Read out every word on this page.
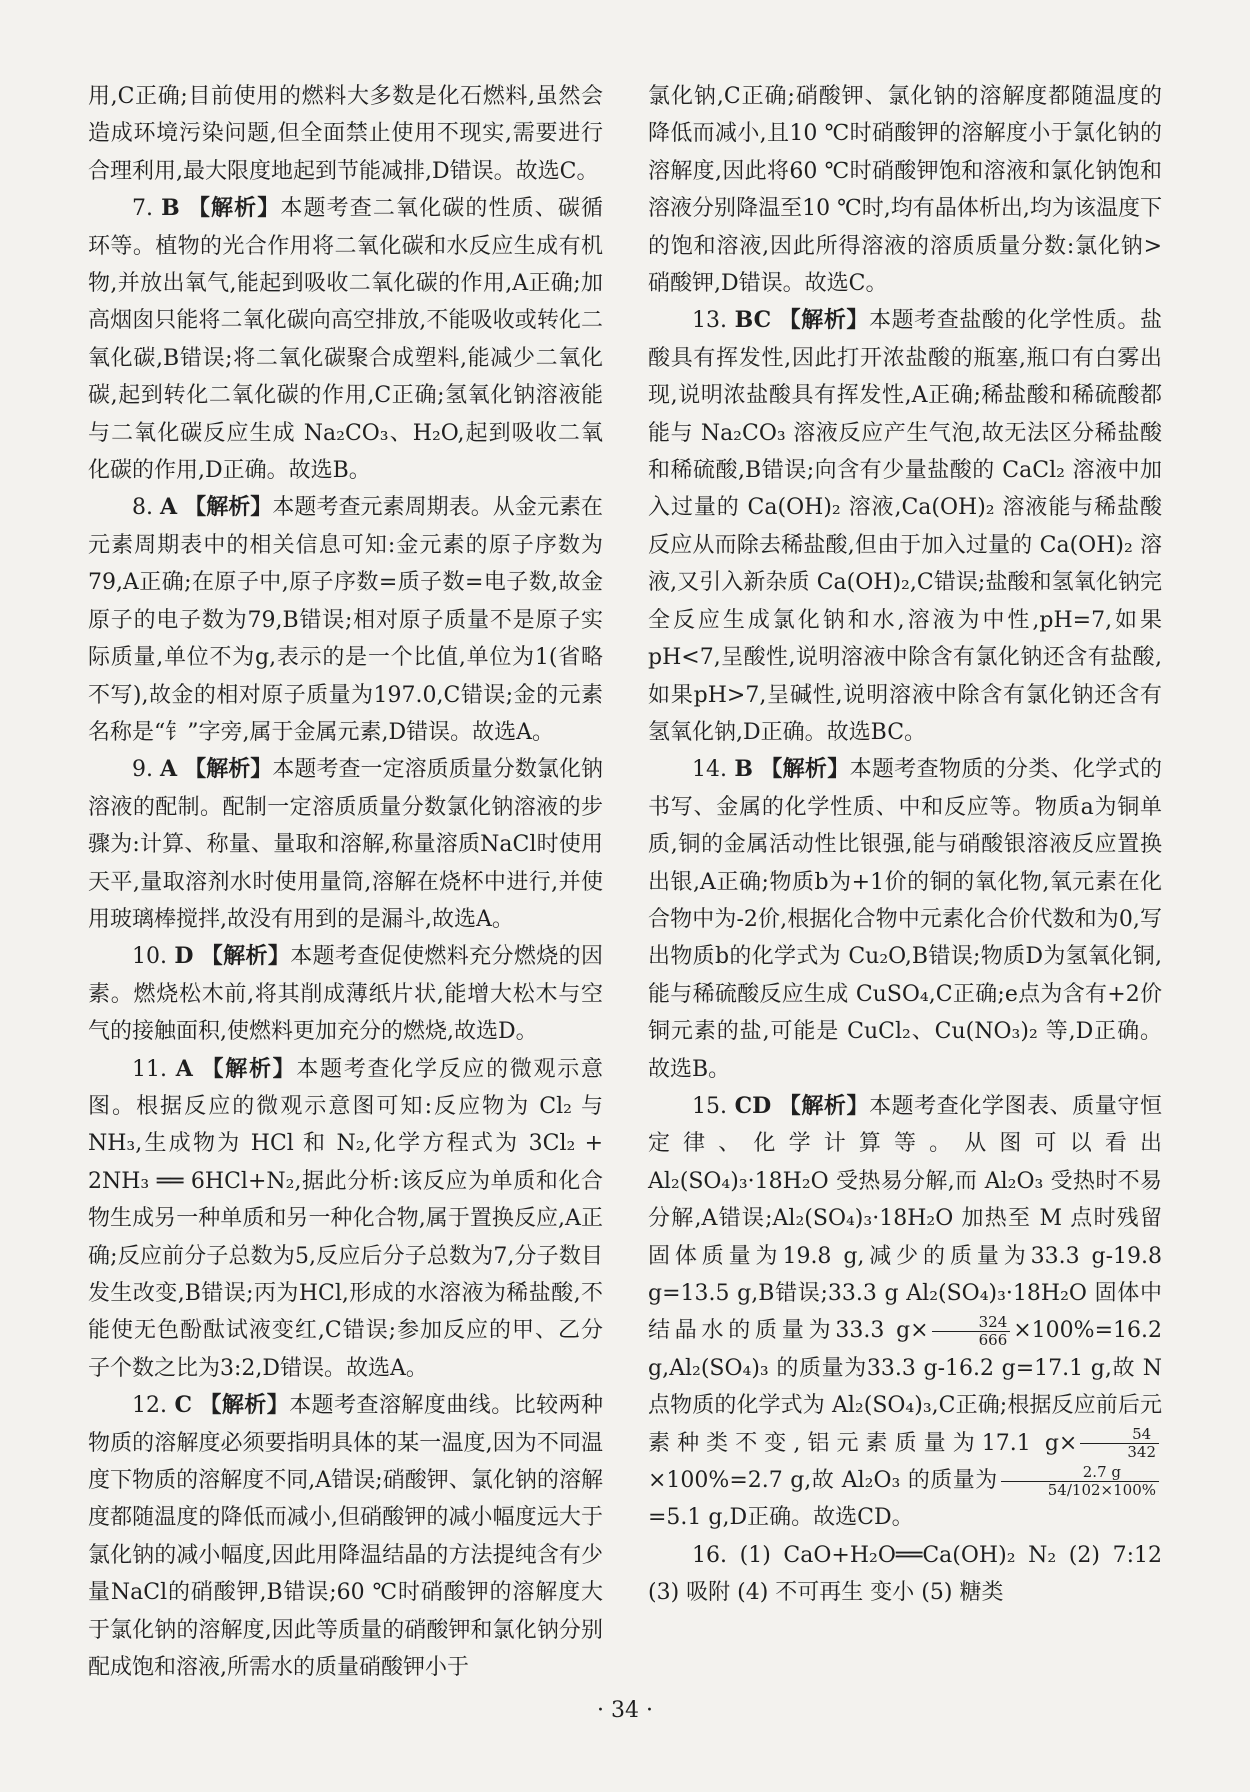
用,C正确;目前使用的燃料大多数是化石燃料,虽然会造成环境污染问题,但全面禁止使用不现实,需要进行合理利用,最大限度地起到节能减排,D错误。故选C。

7. B 【解析】本题考查二氧化碳的性质、碳循环等。植物的光合作用将二氧化碳和水反应生成有机物,并放出氧气,能起到吸收二氧化碳的作用,A正确;加高烟囱只能将二氧化碳向高空排放,不能吸收或转化二氧化碳,B错误;将二氧化碳聚合成塑料,能减少二氧化碳,起到转化二氧化碳的作用,C正确;氢氧化钠溶液能与二氧化碳反应生成 Na₂CO₃、H₂O,起到吸收二氧化碳的作用,D正确。故选B。

8. A 【解析】本题考查元素周期表。从金元素在元素周期表中的相关信息可知:金元素的原子序数为79,A正确;在原子中,原子序数=质子数=电子数,故金原子的电子数为79,B错误;相对原子质量不是原子实际质量,单位不为g,表示的是一个比值,单位为1(省略不写),故金的相对原子质量为197.0,C错误;金的元素名称是“钅”字旁,属于金属元素,D错误。故选A。

9. A 【解析】本题考查一定溶质质量分数氯化钠溶液的配制。配制一定溶质质量分数氯化钠溶液的步骤为:计算、称量、量取和溶解,称量溶质NaCl时使用天平,量取溶剂水时使用量筒,溶解在烧杯中进行,并使用玻璃棒搅拌,故没有用到的是漏斗,故选A。

10. D 【解析】本题考查促使燃料充分燃烧的因素。燃烧松木前,将其削成薄纸片状,能增大松木与空气的接触面积,使燃料更加充分的燃烧,故选D。

11. A 【解析】本题考查化学反应的微观示意图。根据反应的微观示意图可知:反应物为 Cl₂ 与 NH₃,生成物为 HCl 和 N₂,化学方程式为 3Cl₂ + 2NH₃ ══ 6HCl+N₂,据此分析:该反应为单质和化合物生成另一种单质和另一种化合物,属于置换反应,A正确;反应前分子总数为5,反应后分子总数为7,分子数目发生改变,B错误;丙为HCl,形成的水溶液为稀盐酸,不能使无色酚酞试液变红,C错误;参加反应的甲、乙分子个数之比为3:2,D错误。故选A。

12. C 【解析】本题考查溶解度曲线。比较两种物质的溶解度必须要指明具体的某一温度,因为不同温度下物质的溶解度不同,A错误;硝酸钾、氯化钠的溶解度都随温度的降低而减小,但硝酸钾的减小幅度远大于氯化钠的减小幅度,因此用降温结晶的方法提纯含有少量NaCl的硝酸钾,B错误;60 ℃时硝酸钾的溶解度大于氯化钠的溶解度,因此等质量的硝酸钾和氯化钠分别配成饱和溶液,所需水的质量硝酸钾小于

氯化钠,C正确;硝酸钾、氯化钠的溶解度都随温度的降低而减小,且10 ℃时硝酸钾的溶解度小于氯化钠的溶解度,因此将60 ℃时硝酸钾饱和溶液和氯化钠饱和溶液分别降温至10 ℃时,均有晶体析出,均为该温度下的饱和溶液,因此所得溶液的溶质质量分数:氯化钠>硝酸钾,D错误。故选C。

13. BC 【解析】本题考查盐酸的化学性质。盐酸具有挥发性,因此打开浓盐酸的瓶塞,瓶口有白雾出现,说明浓盐酸具有挥发性,A正确;稀盐酸和稀硫酸都能与 Na₂CO₃ 溶液反应产生气泡,故无法区分稀盐酸和稀硫酸,B错误;向含有少量盐酸的 CaCl₂ 溶液中加入过量的 Ca(OH)₂ 溶液,Ca(OH)₂ 溶液能与稀盐酸反应从而除去稀盐酸,但由于加入过量的 Ca(OH)₂ 溶液,又引入新杂质 Ca(OH)₂,C错误;盐酸和氢氧化钠完全反应生成氯化钠和水,溶液为中性,pH=7,如果pH<7,呈酸性,说明溶液中除含有氯化钠还含有盐酸,如果pH>7,呈碱性,说明溶液中除含有氯化钠还含有氢氧化钠,D正确。故选BC。

14. B 【解析】本题考查物质的分类、化学式的书写、金属的化学性质、中和反应等。物质a为铜单质,铜的金属活动性比银强,能与硝酸银溶液反应置换出银,A正确;物质b为+1价的铜的氧化物,氧元素在化合物中为-2价,根据化合物中元素化合价代数和为0,写出物质b的化学式为 Cu₂O,B错误;物质D为氢氧化铜,能与稀硫酸反应生成 CuSO₄,C正确;e点为含有+2价铜元素的盐,可能是 CuCl₂、Cu(NO₃)₂ 等,D正确。故选B。

15. CD 【解析】本题考查化学图表、质量守恒定律、化学计算等。从图可以看出 Al₂(SO₄)₃·18H₂O 受热易分解,而 Al₂O₃ 受热时不易分解,A错误;Al₂(SO₄)₃·18H₂O 加热至 M 点时残留固体质量为19.8 g,减少的质量为33.3 g-19.8 g=13.5 g,B错误;33.3 g Al₂(SO₄)₃·18H₂O 固体中结晶水的质量为33.3 $g\times \frac{324}{666} \times 100\%=16.2$ g,Al₂(SO₄)₃ 的质量为33.3 g-16.2 g=17.1 g,故 N 点物质的化学式为 Al₂(SO₄)₃,C正确;根据反应前后元素种类不变,铝元素质量为17.1 $g\times \frac{54}{342}$
×100%=2.7 g,故 Al₂O₃ 的质量为 $\frac{2.7 g}{54/102\times 100\%}$
=5.1 g,D正确。故选CD。

16. (1) CaO+H₂O══Ca(OH)₂ N₂ (2) 7:12 (3) 吸附 (4) 不可再生 变小 (5) 糖类

· 34 ·
